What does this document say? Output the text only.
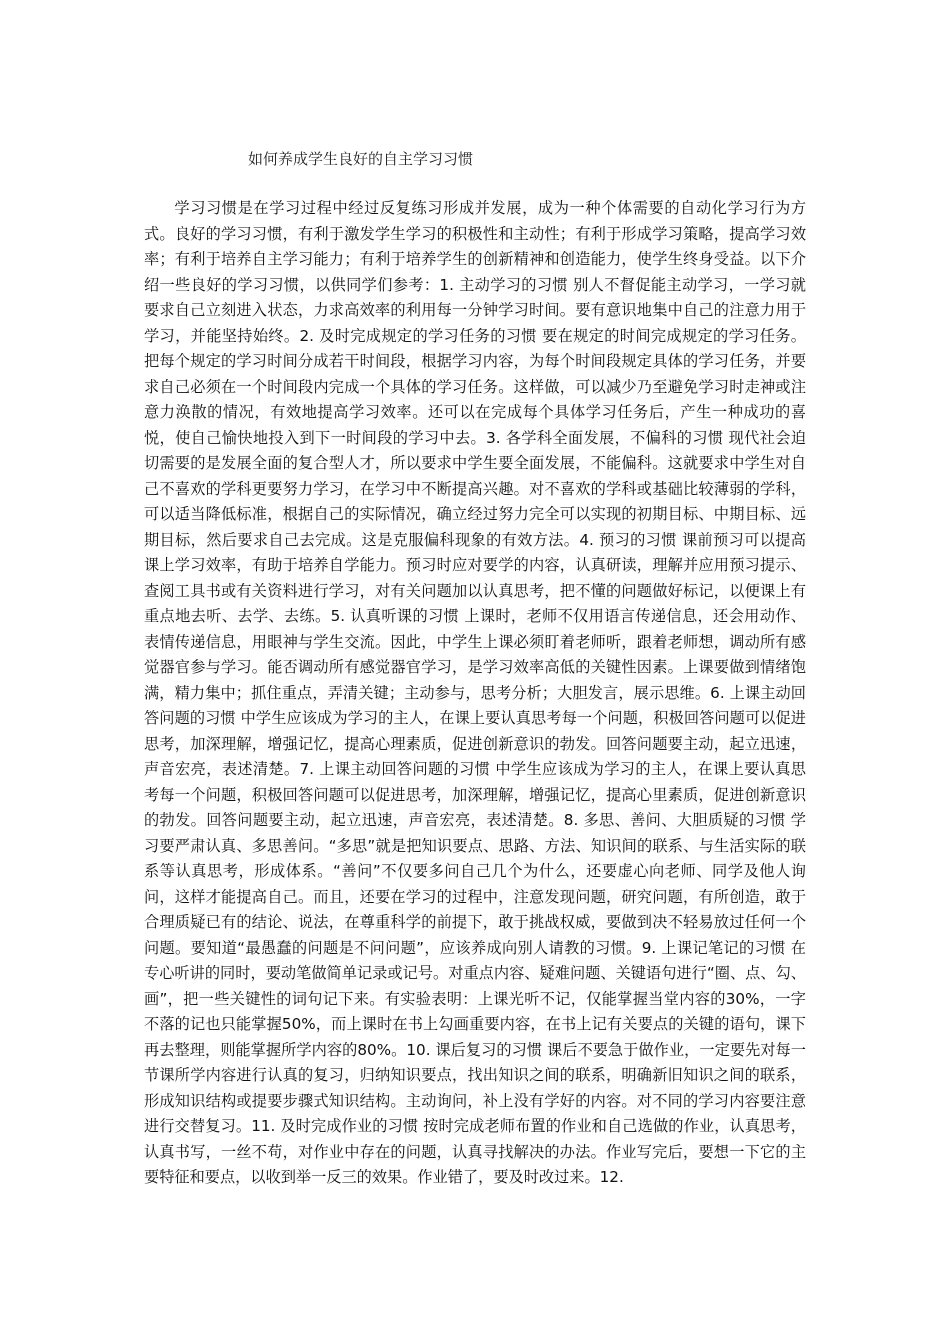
如何养成学生良好的自主学习习惯

学习习惯是在学习过程中经过反复练习形成并发展，成为一种个体需要的自动化学习行为方式。良好的学习习惯，有利于激发学生学习的积极性和主动性；有利于形成学习策略，提高学习效率；有利于培养自主学习能力；有利于培养学生的创新精神和创造能力，使学生终身受益。以下介绍一些良好的学习习惯，以供同学们参考：1. 主动学习的习惯 别人不督促能主动学习，一学习就要求自己立刻进入状态，力求高效率的利用每一分钟学习时间。要有意识地集中自己的注意力用于学习，并能坚持始终。2. 及时完成规定的学习任务的习惯 要在规定的时间完成规定的学习任务。把每个规定的学习时间分成若干时间段，根据学习内容，为每个时间段规定具体的学习任务，并要求自己必须在一个时间段内完成一个具体的学习任务。这样做，可以减少乃至避免学习时走神或注意力涣散的情况，有效地提高学习效率。还可以在完成每个具体学习任务后，产生一种成功的喜悦，使自己愉快地投入到下一时间段的学习中去。3. 各学科全面发展，不偏科的习惯 现代社会迫切需要的是发展全面的复合型人才，所以要求中学生要全面发展，不能偏科。这就要求中学生对自己不喜欢的学科更要努力学习，在学习中不断提高兴趣。对不喜欢的学科或基础比较薄弱的学科，可以适当降低标准，根据自己的实际情况，确立经过努力完全可以实现的初期目标、中期目标、远期目标，然后要求自己去完成。这是克服偏科现象的有效方法。4. 预习的习惯 课前预习可以提高课上学习效率，有助于培养自学能力。预习时应对要学的内容，认真研读，理解并应用预习提示、查阅工具书或有关资料进行学习，对有关问题加以认真思考，把不懂的问题做好标记，以便课上有重点地去听、去学、去练。5. 认真听课的习惯 上课时，老师不仅用语言传递信息，还会用动作、表情传递信息，用眼神与学生交流。因此，中学生上课必须盯着老师听，跟着老师想，调动所有感觉器官参与学习。能否调动所有感觉器官学习，是学习效率高低的关键性因素。上课要做到情绪饱满，精力集中；抓住重点，弄清关键；主动参与，思考分析；大胆发言，展示思维。6. 上课主动回答问题的习惯 中学生应该成为学习的主人，在课上要认真思考每一个问题，积极回答问题可以促进思考，加深理解，增强记忆，提高心理素质，促进创新意识的勃发。回答问题要主动，起立迅速，声音宏亮，表述清楚。7. 上课主动回答问题的习惯 中学生应该成为学习的主人，在课上要认真思考每一个问题，积极回答问题可以促进思考，加深理解，增强记忆，提高心里素质，促进创新意识的勃发。回答问题要主动，起立迅速，声音宏亮，表述清楚。8. 多思、善问、大胆质疑的习惯 学习要严肃认真、多思善问。“多思”就是把知识要点、思路、方法、知识间的联系、与生活实际的联系等认真思考，形成体系。“善问”不仅要多问自己几个为什么，还要虚心向老师、同学及他人询问，这样才能提高自己。而且，还要在学习的过程中，注意发现问题，研究问题，有所创造，敢于合理质疑已有的结论、说法，在尊重科学的前提下，敢于挑战权威，要做到决不轻易放过任何一个问题。要知道“最愚蠢的问题是不问问题”，应该养成向别人请教的习惯。9. 上课记笔记的习惯 在专心听讲的同时，要动笔做简单记录或记号。对重点内容、疑难问题、关键语句进行“圈、点、勾、画”，把一些关键性的词句记下来。有实验表明：上课光听不记，仅能掌握当堂内容的30%，一字不落的记也只能掌握50%，而上课时在书上勾画重要内容，在书上记有关要点的关键的语句，课下再去整理，则能掌握所学内容的80%。10. 课后复习的习惯 课后不要急于做作业，一定要先对每一节课所学内容进行认真的复习，归纳知识要点，找出知识之间的联系，明确新旧知识之间的联系，形成知识结构或提要步骤式知识结构。主动询问，补上没有学好的内容。对不同的学习内容要注意进行交替复习。11. 及时完成作业的习惯 按时完成老师布置的作业和自己选做的作业，认真思考，认真书写，一丝不苟，对作业中存在的问题，认真寻找解决的办法。作业写完后，要想一下它的主要特征和要点，以收到举一反三的效果。作业错了，要及时改过来。12.
